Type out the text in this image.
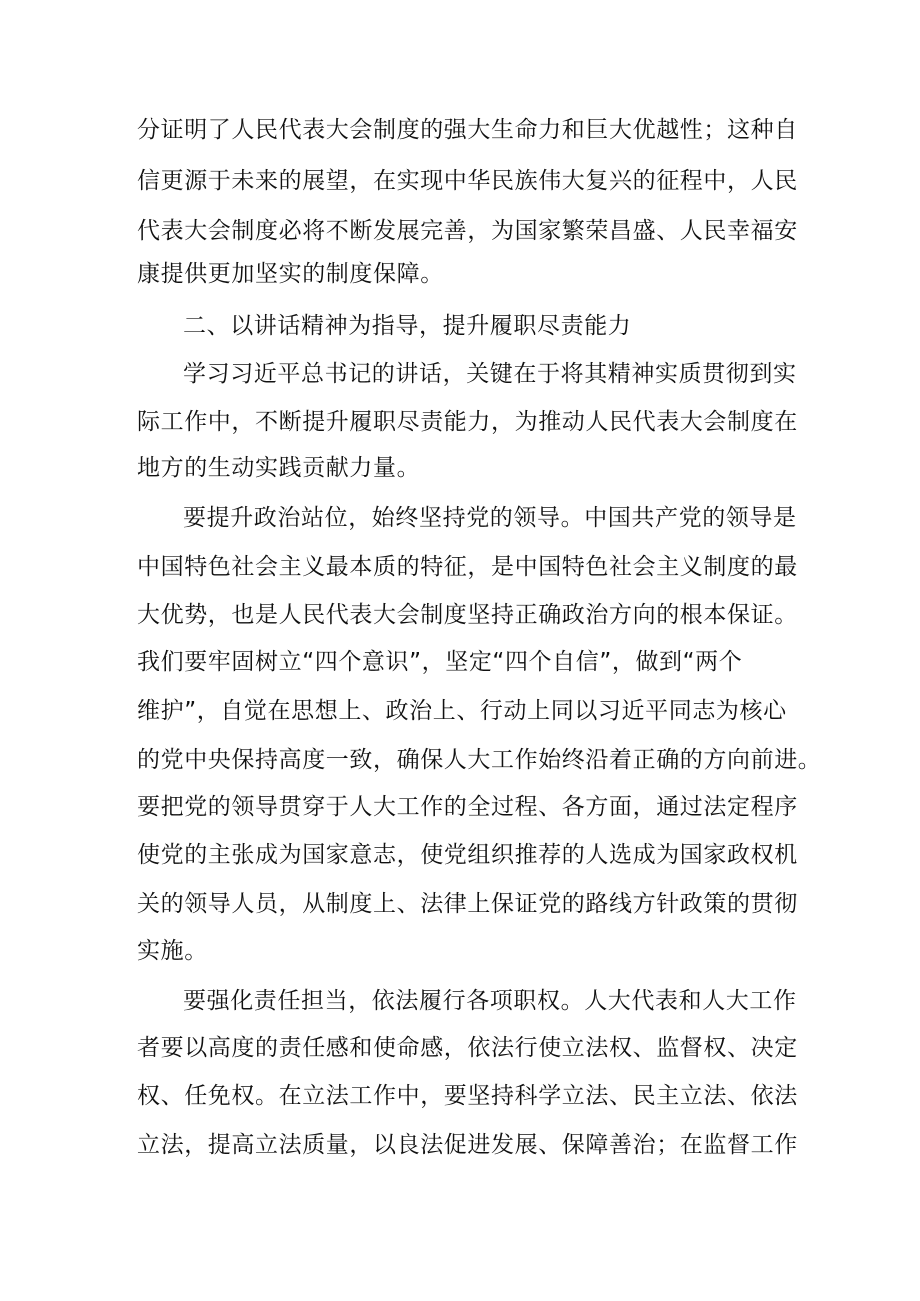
分证明了人民代表大会制度的强大生命力和巨大优越性；这种自

信更源于未来的展望，在实现中华民族伟大复兴的征程中，人民

代表大会制度必将不断发展完善，为国家繁荣昌盛、人民幸福安

康提供更加坚实的制度保障。

二、以讲话精神为指导，提升履职尽责能力

学习习近平总书记的讲话，关键在于将其精神实质贯彻到实

际工作中，不断提升履职尽责能力，为推动人民代表大会制度在

地方的生动实践贡献力量。

要提升政治站位，始终坚持党的领导。中国共产党的领导是

中国特色社会主义最本质的特征，是中国特色社会主义制度的最

大优势，也是人民代表大会制度坚持正确政治方向的根本保证。

我们要牢固树立“四个意识”，坚定“四个自信”，做到“两个

维护”，自觉在思想上、政治上、行动上同以习近平同志为核心

的党中央保持高度一致，确保人大工作始终沿着正确的方向前进。

要把党的领导贯穿于人大工作的全过程、各方面，通过法定程序

使党的主张成为国家意志，使党组织推荐的人选成为国家政权机

关的领导人员，从制度上、法律上保证党的路线方针政策的贯彻

实施。

要强化责任担当，依法履行各项职权。人大代表和人大工作

者要以高度的责任感和使命感，依法行使立法权、监督权、决定

权、任免权。在立法工作中，要坚持科学立法、民主立法、依法

立法，提高立法质量，以良法促进发展、保障善治；在监督工作
